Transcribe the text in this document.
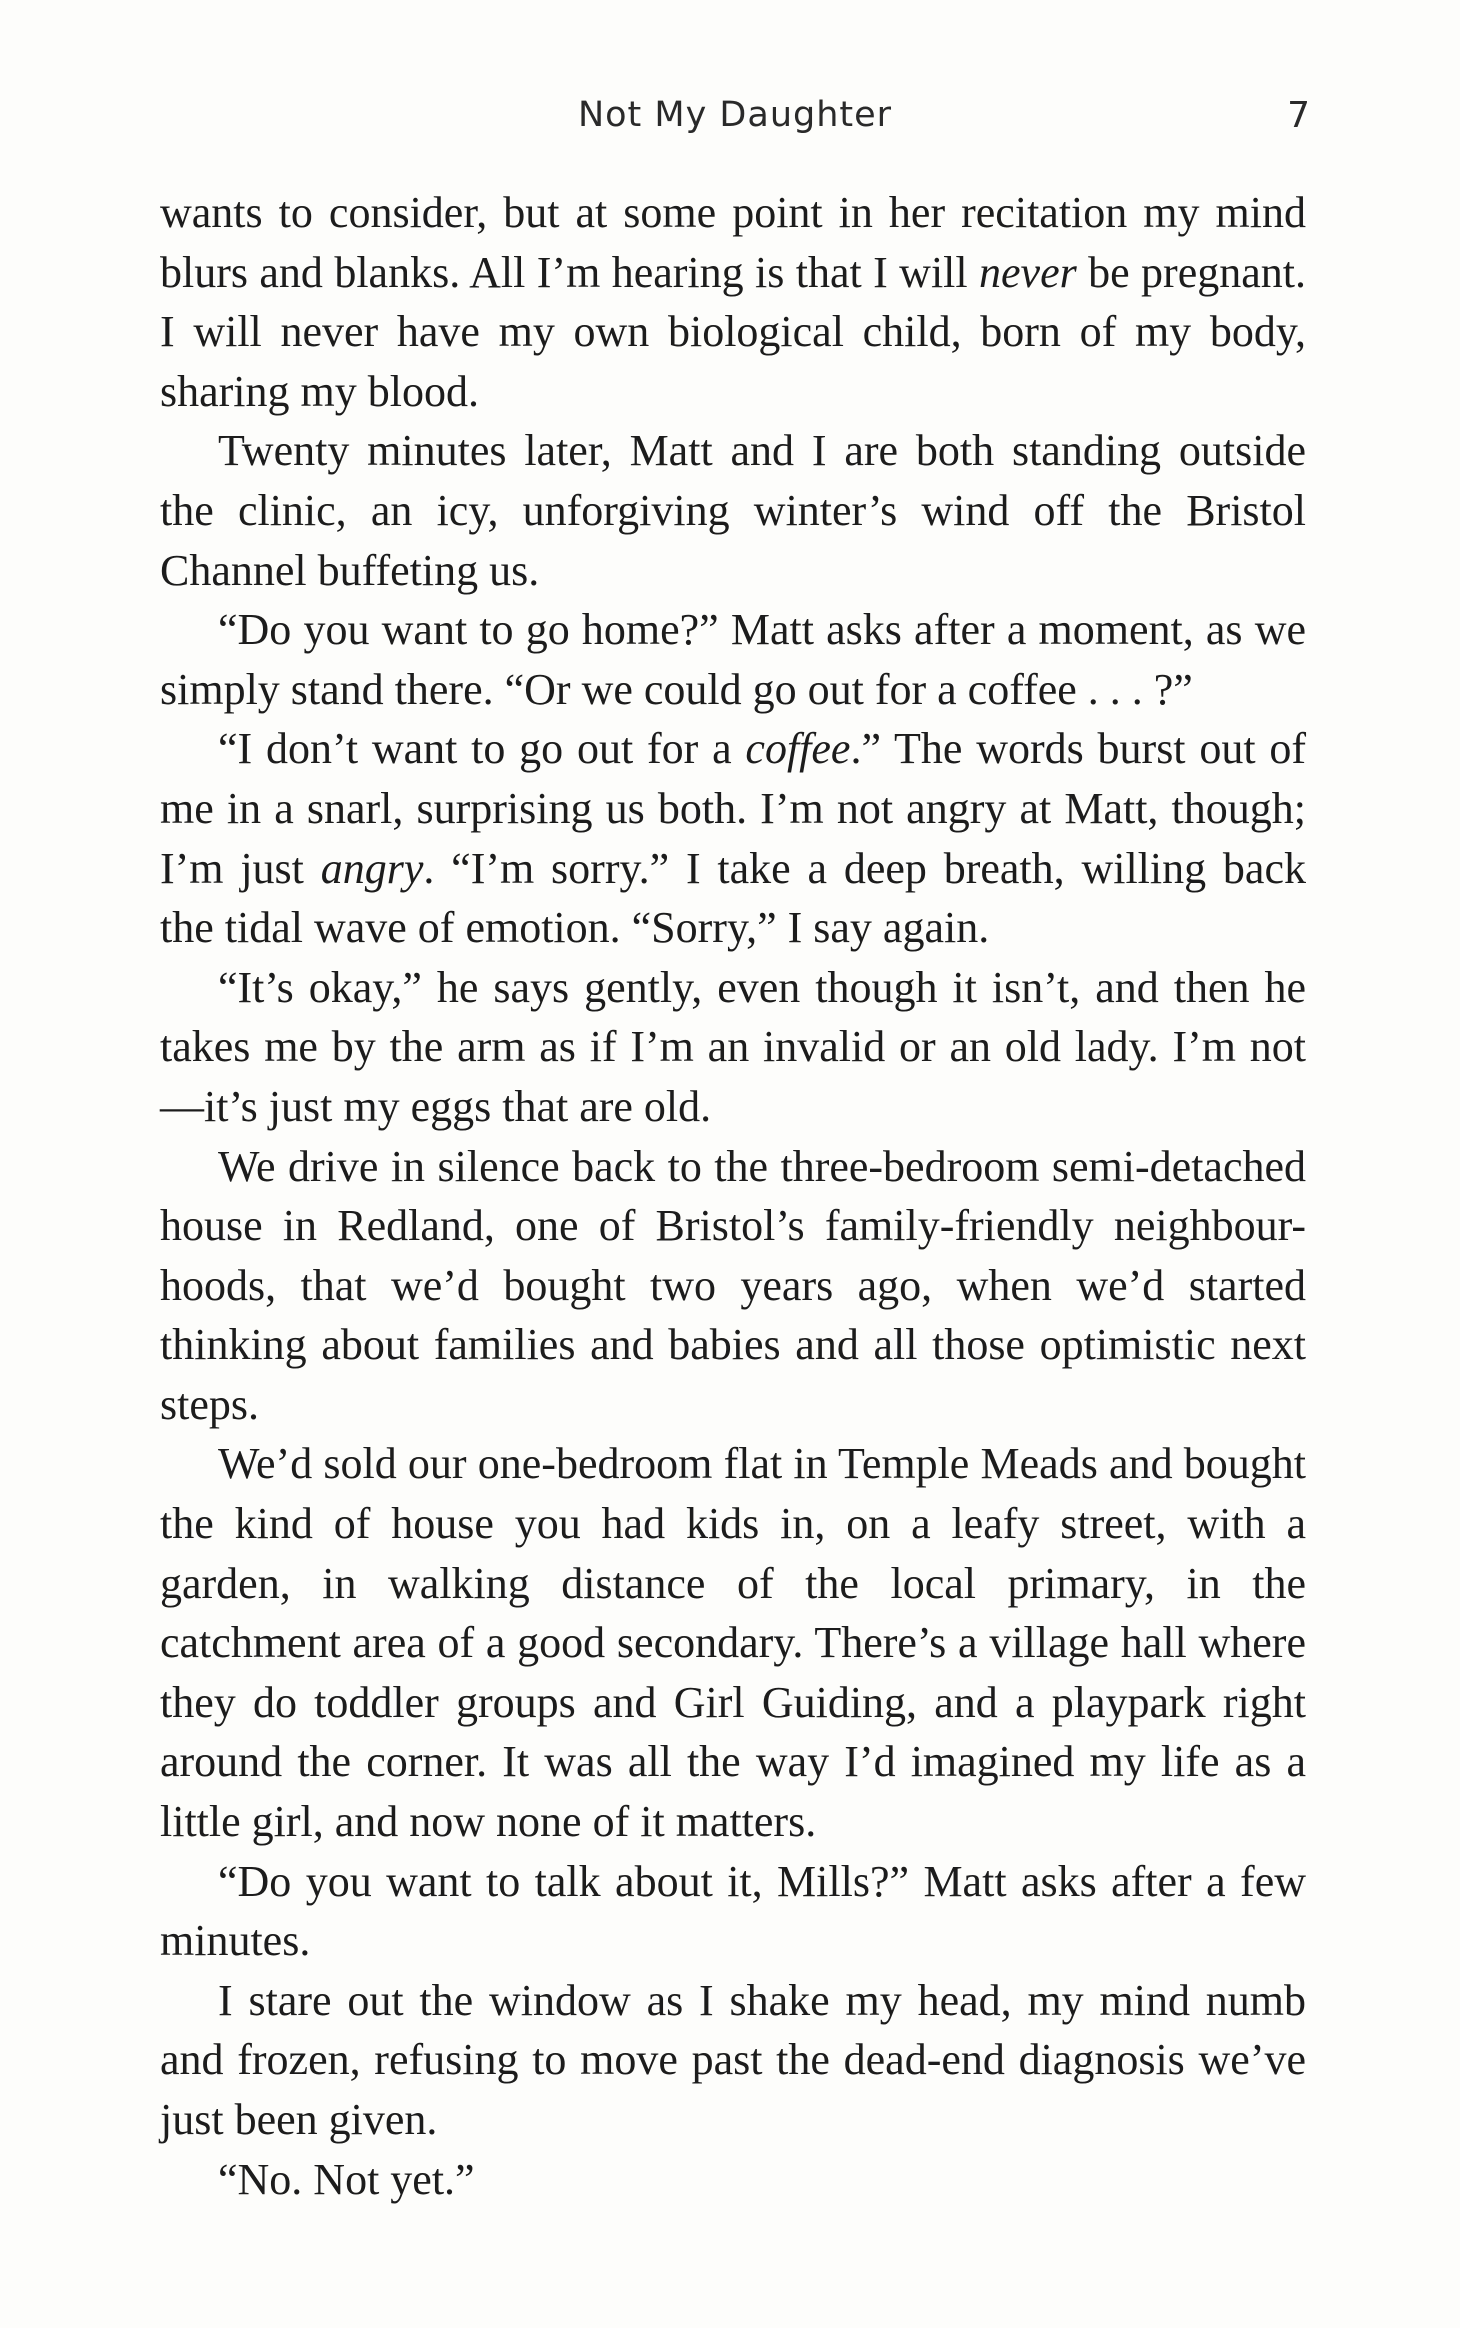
Not My Daughter	7

wants to consider, but at some point in her recitation my mind blurs and blanks. All I’m hearing is that I will never be pregnant. I will never have my own biological child, born of my body, sharing my blood.

Twenty minutes later, Matt and I are both standing outside the clinic, an icy, unforgiving winter’s wind off the Bristol Channel buffeting us.

“Do you want to go home?” Matt asks after a moment, as we simply stand there. “Or we could go out for a coffee . . . ?”

“I don’t want to go out for a coffee.” The words burst out of me in a snarl, surprising us both. I’m not angry at Matt, though; I’m just angry. “I’m sorry.” I take a deep breath, willing back the tidal wave of emotion. “Sorry,” I say again.

“It’s okay,” he says gently, even though it isn’t, and then he takes me by the arm as if I’m an invalid or an old lady. I’m not—it’s just my eggs that are old.

We drive in silence back to the three-bedroom semi-detached house in Redland, one of Bristol’s family-friendly neighbour-hoods, that we’d bought two years ago, when we’d started thinking about families and babies and all those optimistic next steps.

We’d sold our one-bedroom flat in Temple Meads and bought the kind of house you had kids in, on a leafy street, with a garden, in walking distance of the local primary, in the catchment area of a good secondary. There’s a village hall where they do toddler groups and Girl Guiding, and a playpark right around the corner. It was all the way I’d imagined my life as a little girl, and now none of it matters.

“Do you want to talk about it, Mills?” Matt asks after a few minutes.

I stare out the window as I shake my head, my mind numb and frozen, refusing to move past the dead-end diagnosis we’ve just been given.

“No. Not yet.”
